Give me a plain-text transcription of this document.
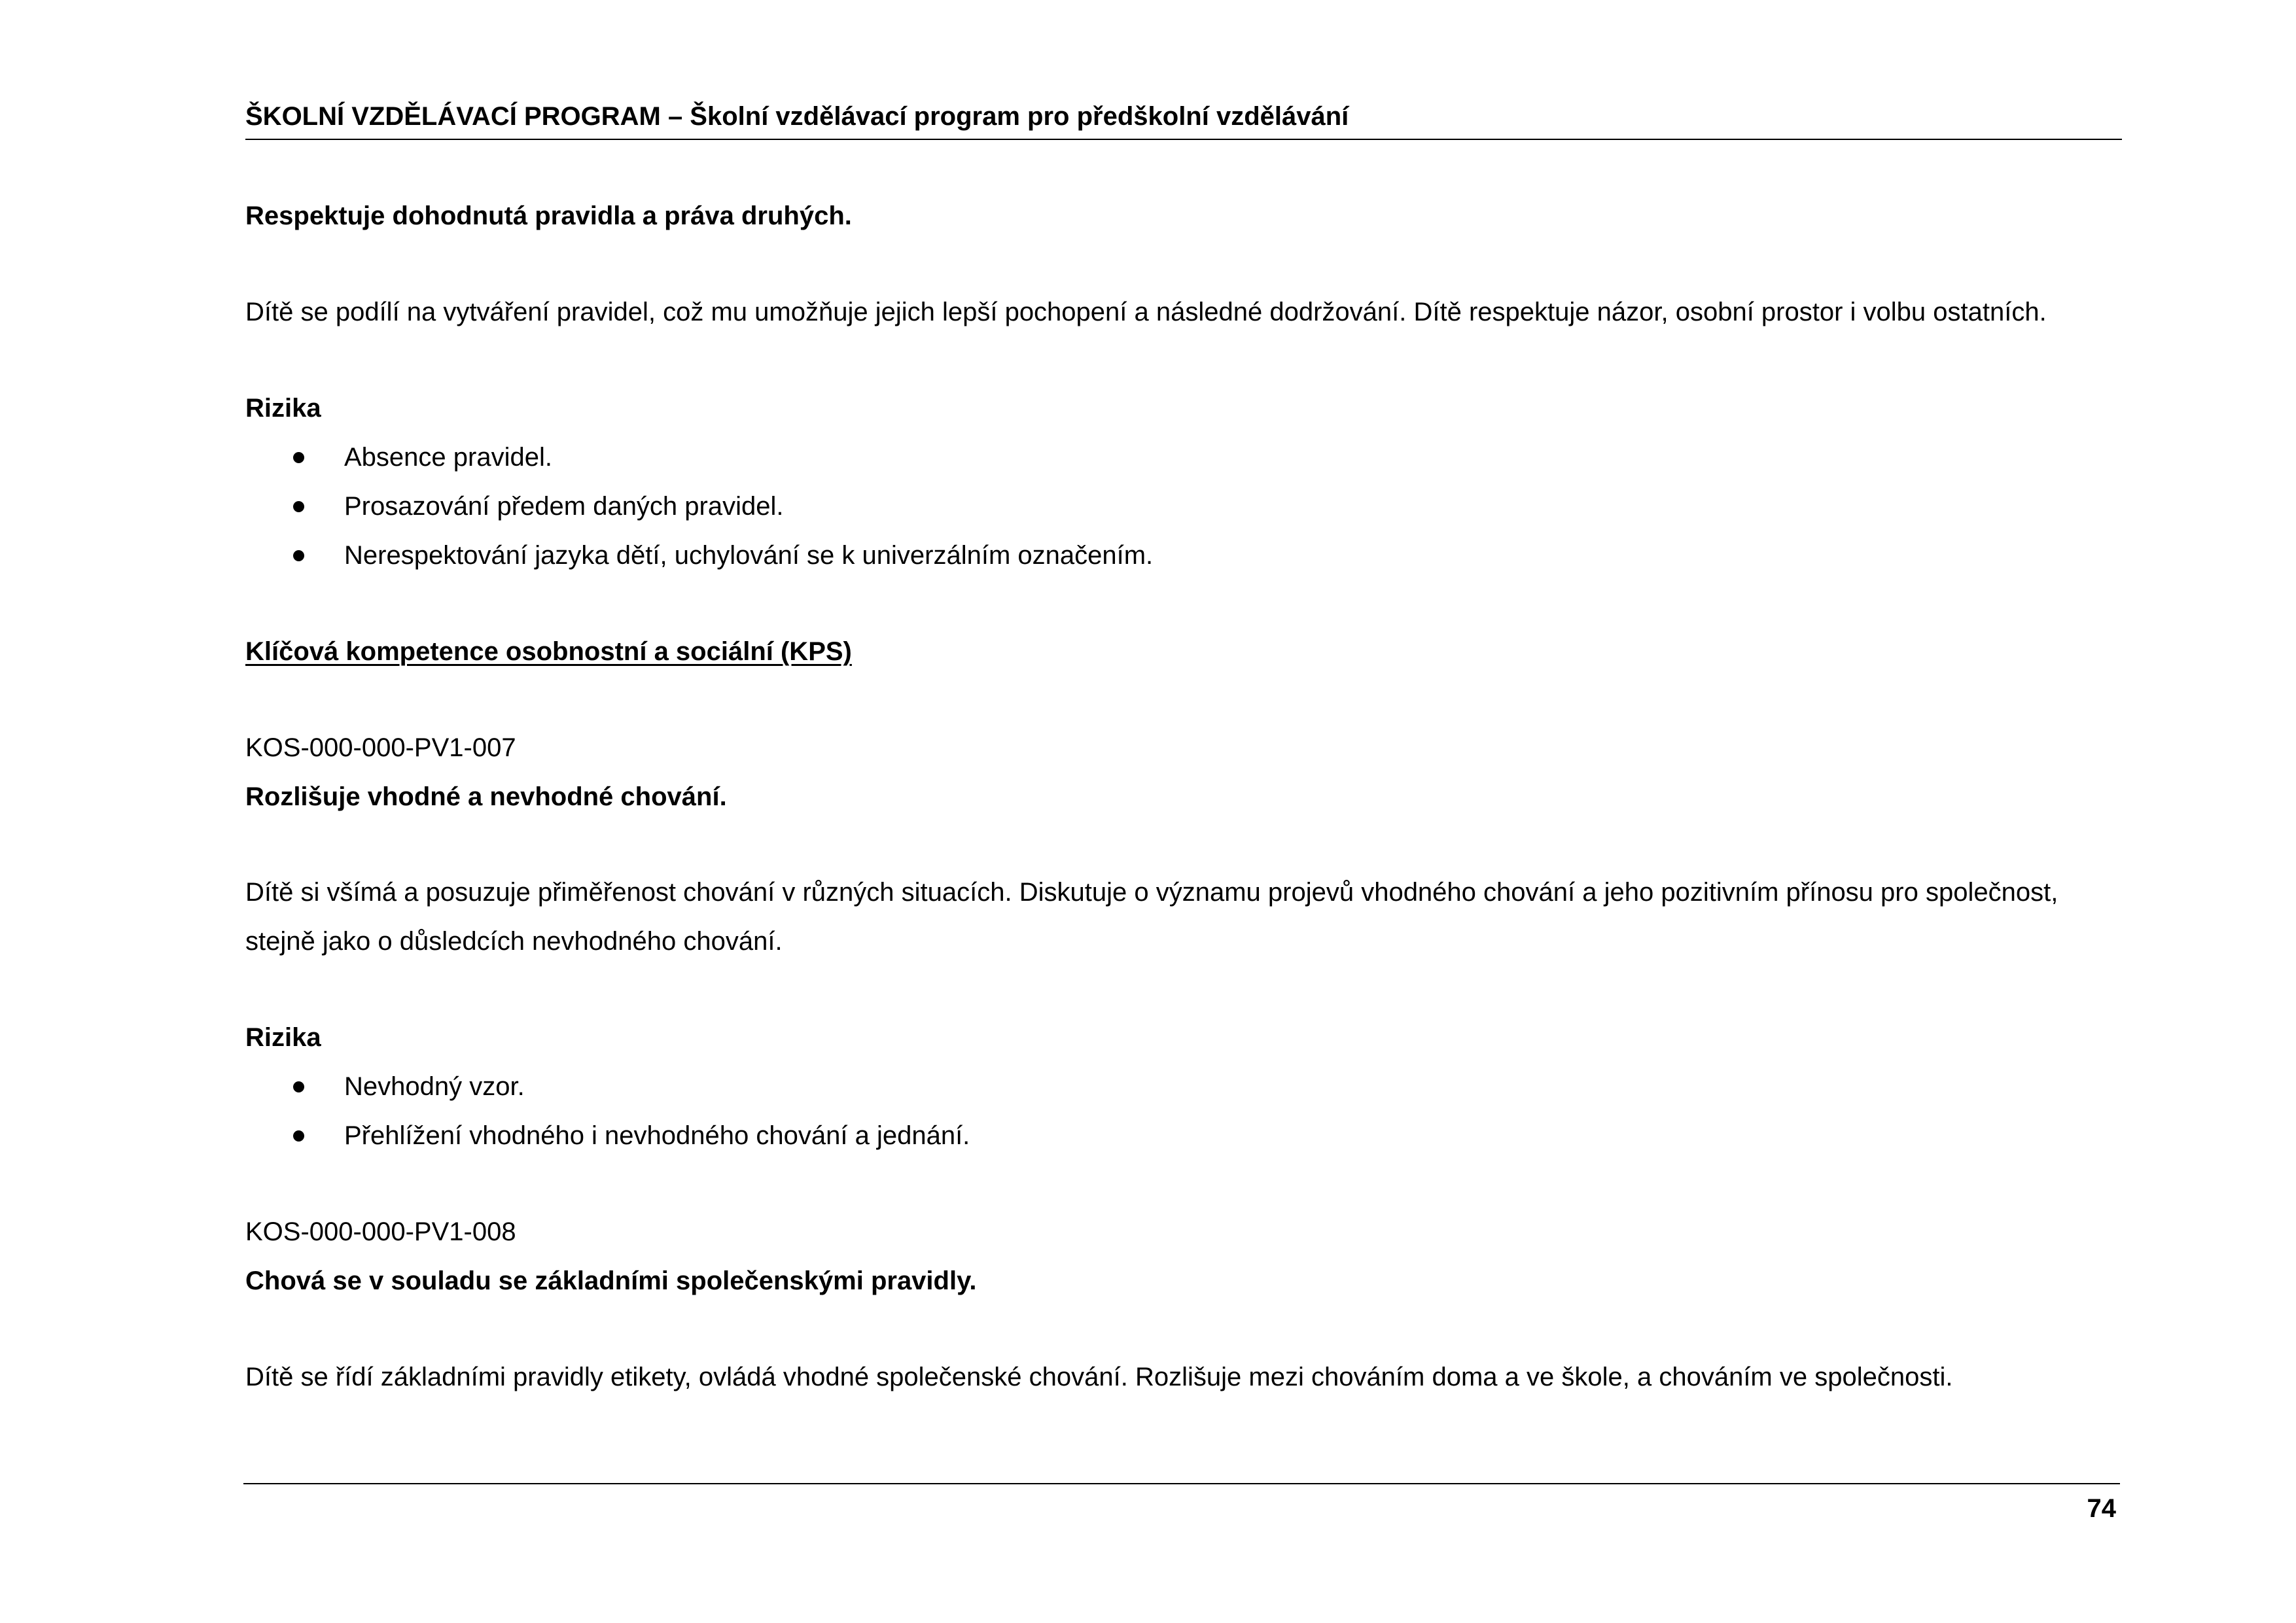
ŠKOLNÍ VZDĚLÁVACÍ PROGRAM – Školní vzdělávací program pro předškolní vzdělávání
Respektuje dohodnutá pravidla a práva druhých.
Dítě se podílí na vytváření pravidel, což mu umožňuje jejich lepší pochopení a následné dodržování. Dítě respektuje názor, osobní prostor i volbu ostatních.
Rizika
Absence pravidel.
Prosazování předem daných pravidel.
Nerespektování jazyka dětí, uchylování se k univerzálním označením.
Klíčová kompetence osobnostní a sociální (KPS)
KOS-000-000-PV1-007
Rozlišuje vhodné a nevhodné chování.
Dítě si všímá a posuzuje přiměřenost chování v různých situacích. Diskutuje o významu projevů vhodného chování a jeho pozitivním přínosu pro společnost,
stejně jako o důsledcích nevhodného chování.
Rizika
Nevhodný vzor.
Přehlížení vhodného i nevhodného chování a jednání.
KOS-000-000-PV1-008
Chová se v souladu se základními společenskými pravidly.
Dítě se řídí základními pravidly etikety, ovládá vhodné společenské chování. Rozlišuje mezi chováním doma a ve škole, a chováním ve společnosti.
74
